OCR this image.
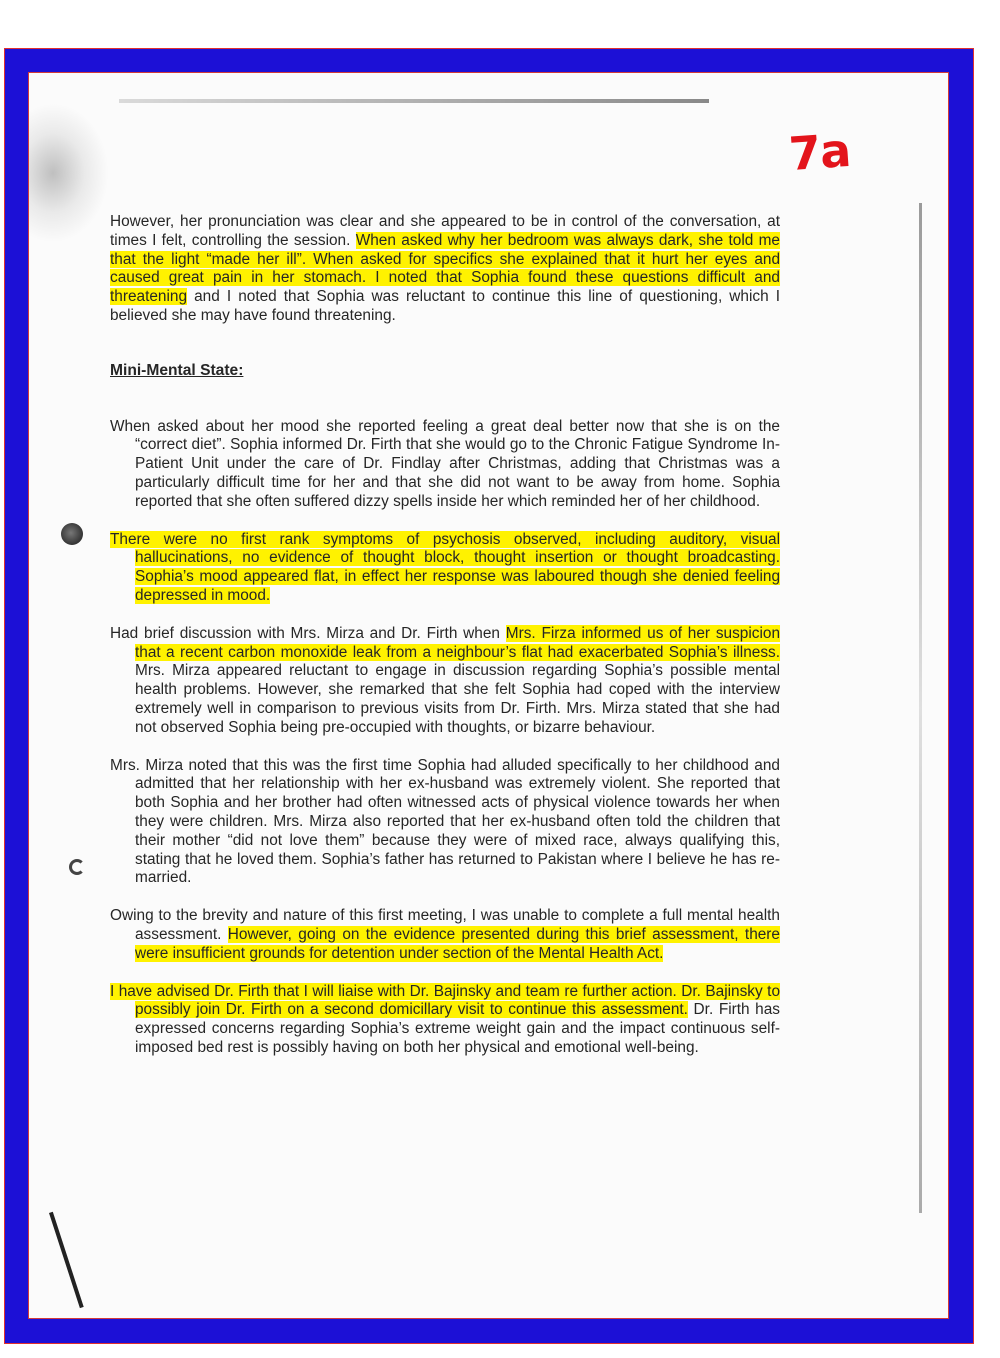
7a

However, her pronunciation was clear and she appeared to be in control of the conversation, at times I felt, controlling the session. When asked why her bedroom was always dark, she told me that the light “made her ill”. When asked for specifics she explained that it hurt her eyes and caused great pain in her stomach. I noted that Sophia found these questions difficult and threatening and I noted that Sophia was reluctant to continue this line of questioning, which I believed she may have found threatening.

Mini-Mental State:

When asked about her mood she reported feeling a great deal better now that she is on the “correct diet”. Sophia informed Dr. Firth that she would go to the Chronic Fatigue Syndrome In-Patient Unit under the care of Dr. Findlay after Christmas, adding that Christmas was a particularly difficult time for her and that she did not want to be away from home. Sophia reported that she often suffered dizzy spells inside her which reminded her of her childhood.

There were no first rank symptoms of psychosis observed, including auditory, visual hallucinations, no evidence of thought block, thought insertion or thought broadcasting. Sophia’s mood appeared flat, in effect her response was laboured though she denied feeling depressed in mood.

Had brief discussion with Mrs. Mirza and Dr. Firth when Mrs. Firza informed us of her suspicion that a recent carbon monoxide leak from a neighbour’s flat had exacerbated Sophia’s illness. Mrs. Mirza appeared reluctant to engage in discussion regarding Sophia’s possible mental health problems. However, she remarked that she felt Sophia had coped with the interview extremely well in comparison to previous visits from Dr. Firth. Mrs. Mirza stated that she had not observed Sophia being pre-occupied with thoughts, or bizarre behaviour.

Mrs. Mirza noted that this was the first time Sophia had alluded specifically to her childhood and admitted that her relationship with her ex-husband was extremely violent. She reported that both Sophia and her brother had often witnessed acts of physical violence towards her when they were children. Mrs. Mirza also reported that her ex-husband often told the children that their mother “did not love them” because they were of mixed race, always qualifying this, stating that he loved them. Sophia’s father has returned to Pakistan where I believe he has re-married.

Owing to the brevity and nature of this first meeting, I was unable to complete a full mental health assessment. However, going on the evidence presented during this brief assessment, there were insufficient grounds for detention under section of the Mental Health Act.

I have advised Dr. Firth that I will liaise with Dr. Bajinsky and team re further action. Dr. Bajinsky to possibly join Dr. Firth on a second domicillary visit to continue this assessment. Dr. Firth has expressed concerns regarding Sophia’s extreme weight gain and the impact continuous self-imposed bed rest is possibly having on both her physical and emotional well-being.
